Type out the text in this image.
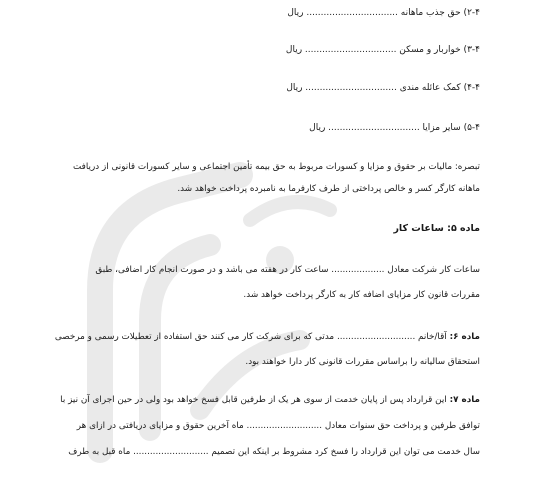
۲-۴) حق جذب ماهانه ................................ ریال
۳-۴) خواربار و مسکن ................................ ریال
۴-۴) کمک عائله مندی ................................ ریال
۵-۴) سایر مزایا ................................ ریال
تبصره: مالیات بر حقوق و مزایا و کسورات مربوط به حق بیمه تأمین اجتماعی و سایر کسورات قانونی از دریافت
ماهانه کارگر کسر و خالص پرداختی از طرف کارفرما به نامبرده پرداخت خواهد شد.
ماده ۵: ساعات کار
ساعات کار شرکت معادل ................... ساعت کار در هفته می باشد و در صورت انجام کار اضافی، طبق
مقررات قانون کار مزایای اضافه کار به کارگر پرداخت خواهد شد.
ماده ۶: آقا/خانم ............................ مدتی که برای شرکت کار می کنند حق استفاده از تعطیلات رسمی و مرخصی
استحقاق سالیانه را براساس مقررات قانونی کار دارا خواهند بود.
ماده ۷: این قرارداد پس از پایان خدمت از سوی هر یک از طرفین قابل فسخ خواهد بود ولی در حین اجرای آن نیز با
توافق طرفین و پرداخت حق سنوات معادل ........................... ماه آخرین حقوق و مزایای دریافتی در ازای هر
سال خدمت می توان این قرارداد را فسخ کرد مشروط بر اینکه این تصمیم ........................... ماه قبل به طرف
